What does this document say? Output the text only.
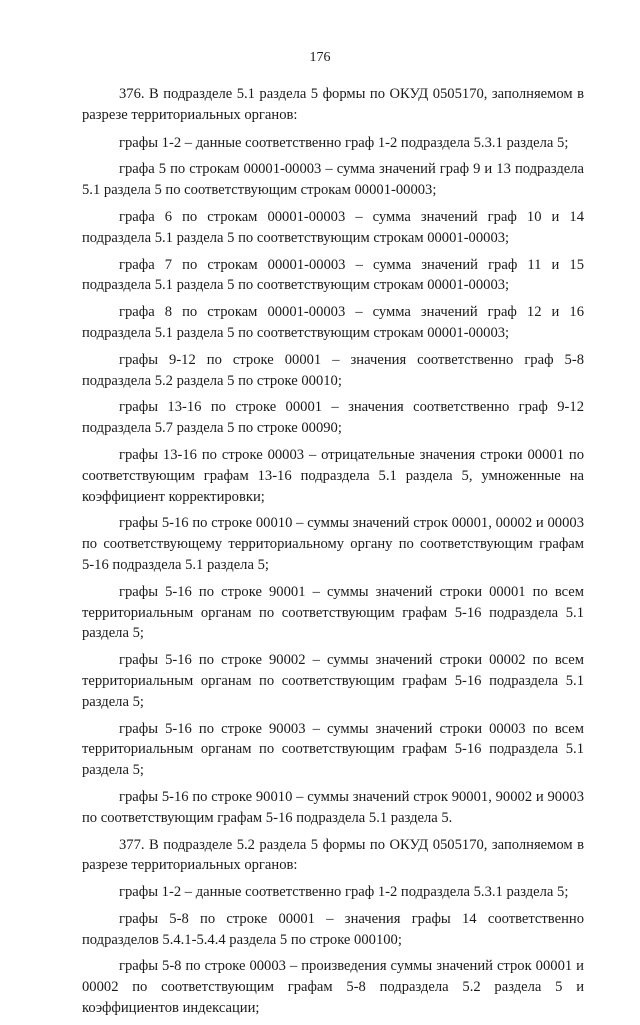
176

376. В подразделе 5.1 раздела 5 формы по ОКУД 0505170, заполняемом в разрезе территориальных органов:

графы 1-2 – данные соответственно граф 1-2 подраздела 5.3.1 раздела 5;

графа 5 по строкам 00001-00003 – сумма значений граф 9 и 13 подраздела 5.1 раздела 5 по соответствующим строкам 00001-00003;

графа 6 по строкам 00001-00003 – сумма значений граф 10 и 14 подраздела 5.1 раздела 5 по соответствующим строкам 00001-00003;

графа 7 по строкам 00001-00003 – сумма значений граф 11 и 15 подраздела 5.1 раздела 5 по соответствующим строкам 00001-00003;

графа 8 по строкам 00001-00003 – сумма значений граф 12 и 16 подраздела 5.1 раздела 5 по соответствующим строкам 00001-00003;

графы 9-12 по строке 00001 – значения соответственно граф 5-8 подраздела 5.2 раздела 5 по строке 00010;

графы 13-16 по строке 00001 – значения соответственно граф 9-12 подраздела 5.7 раздела 5 по строке 00090;

графы 13-16 по строке 00003 – отрицательные значения строки 00001 по соответствующим графам 13-16 подраздела 5.1 раздела 5, умноженные на коэффициент корректировки;

графы 5-16 по строке 00010 – суммы значений строк 00001, 00002 и 00003 по соответствующему территориальному органу по соответствующим графам 5-16 подраздела 5.1 раздела 5;

графы 5-16 по строке 90001 – суммы значений строки 00001 по всем территориальным органам по соответствующим графам 5-16 подраздела 5.1 раздела 5;

графы 5-16 по строке 90002 – суммы значений строки 00002 по всем территориальным органам по соответствующим графам 5-16 подраздела 5.1 раздела 5;

графы 5-16 по строке 90003 – суммы значений строки 00003 по всем территориальным органам по соответствующим графам 5-16 подраздела 5.1 раздела 5;

графы 5-16 по строке 90010 – суммы значений строк 90001, 90002 и 90003 по соответствующим графам 5-16 подраздела 5.1 раздела 5.

377. В подразделе 5.2 раздела 5 формы по ОКУД 0505170, заполняемом в разрезе территориальных органов:

графы 1-2 – данные соответственно граф 1-2 подраздела 5.3.1 раздела 5;

графы 5-8 по строке 00001 – значения графы 14 соответственно подразделов 5.4.1-5.4.4 раздела 5 по строке 000100;

графы 5-8 по строке 00003 – произведения суммы значений строк 00001 и 00002 по соответствующим графам 5-8 подраздела 5.2 раздела 5 и коэффициентов индексации;
